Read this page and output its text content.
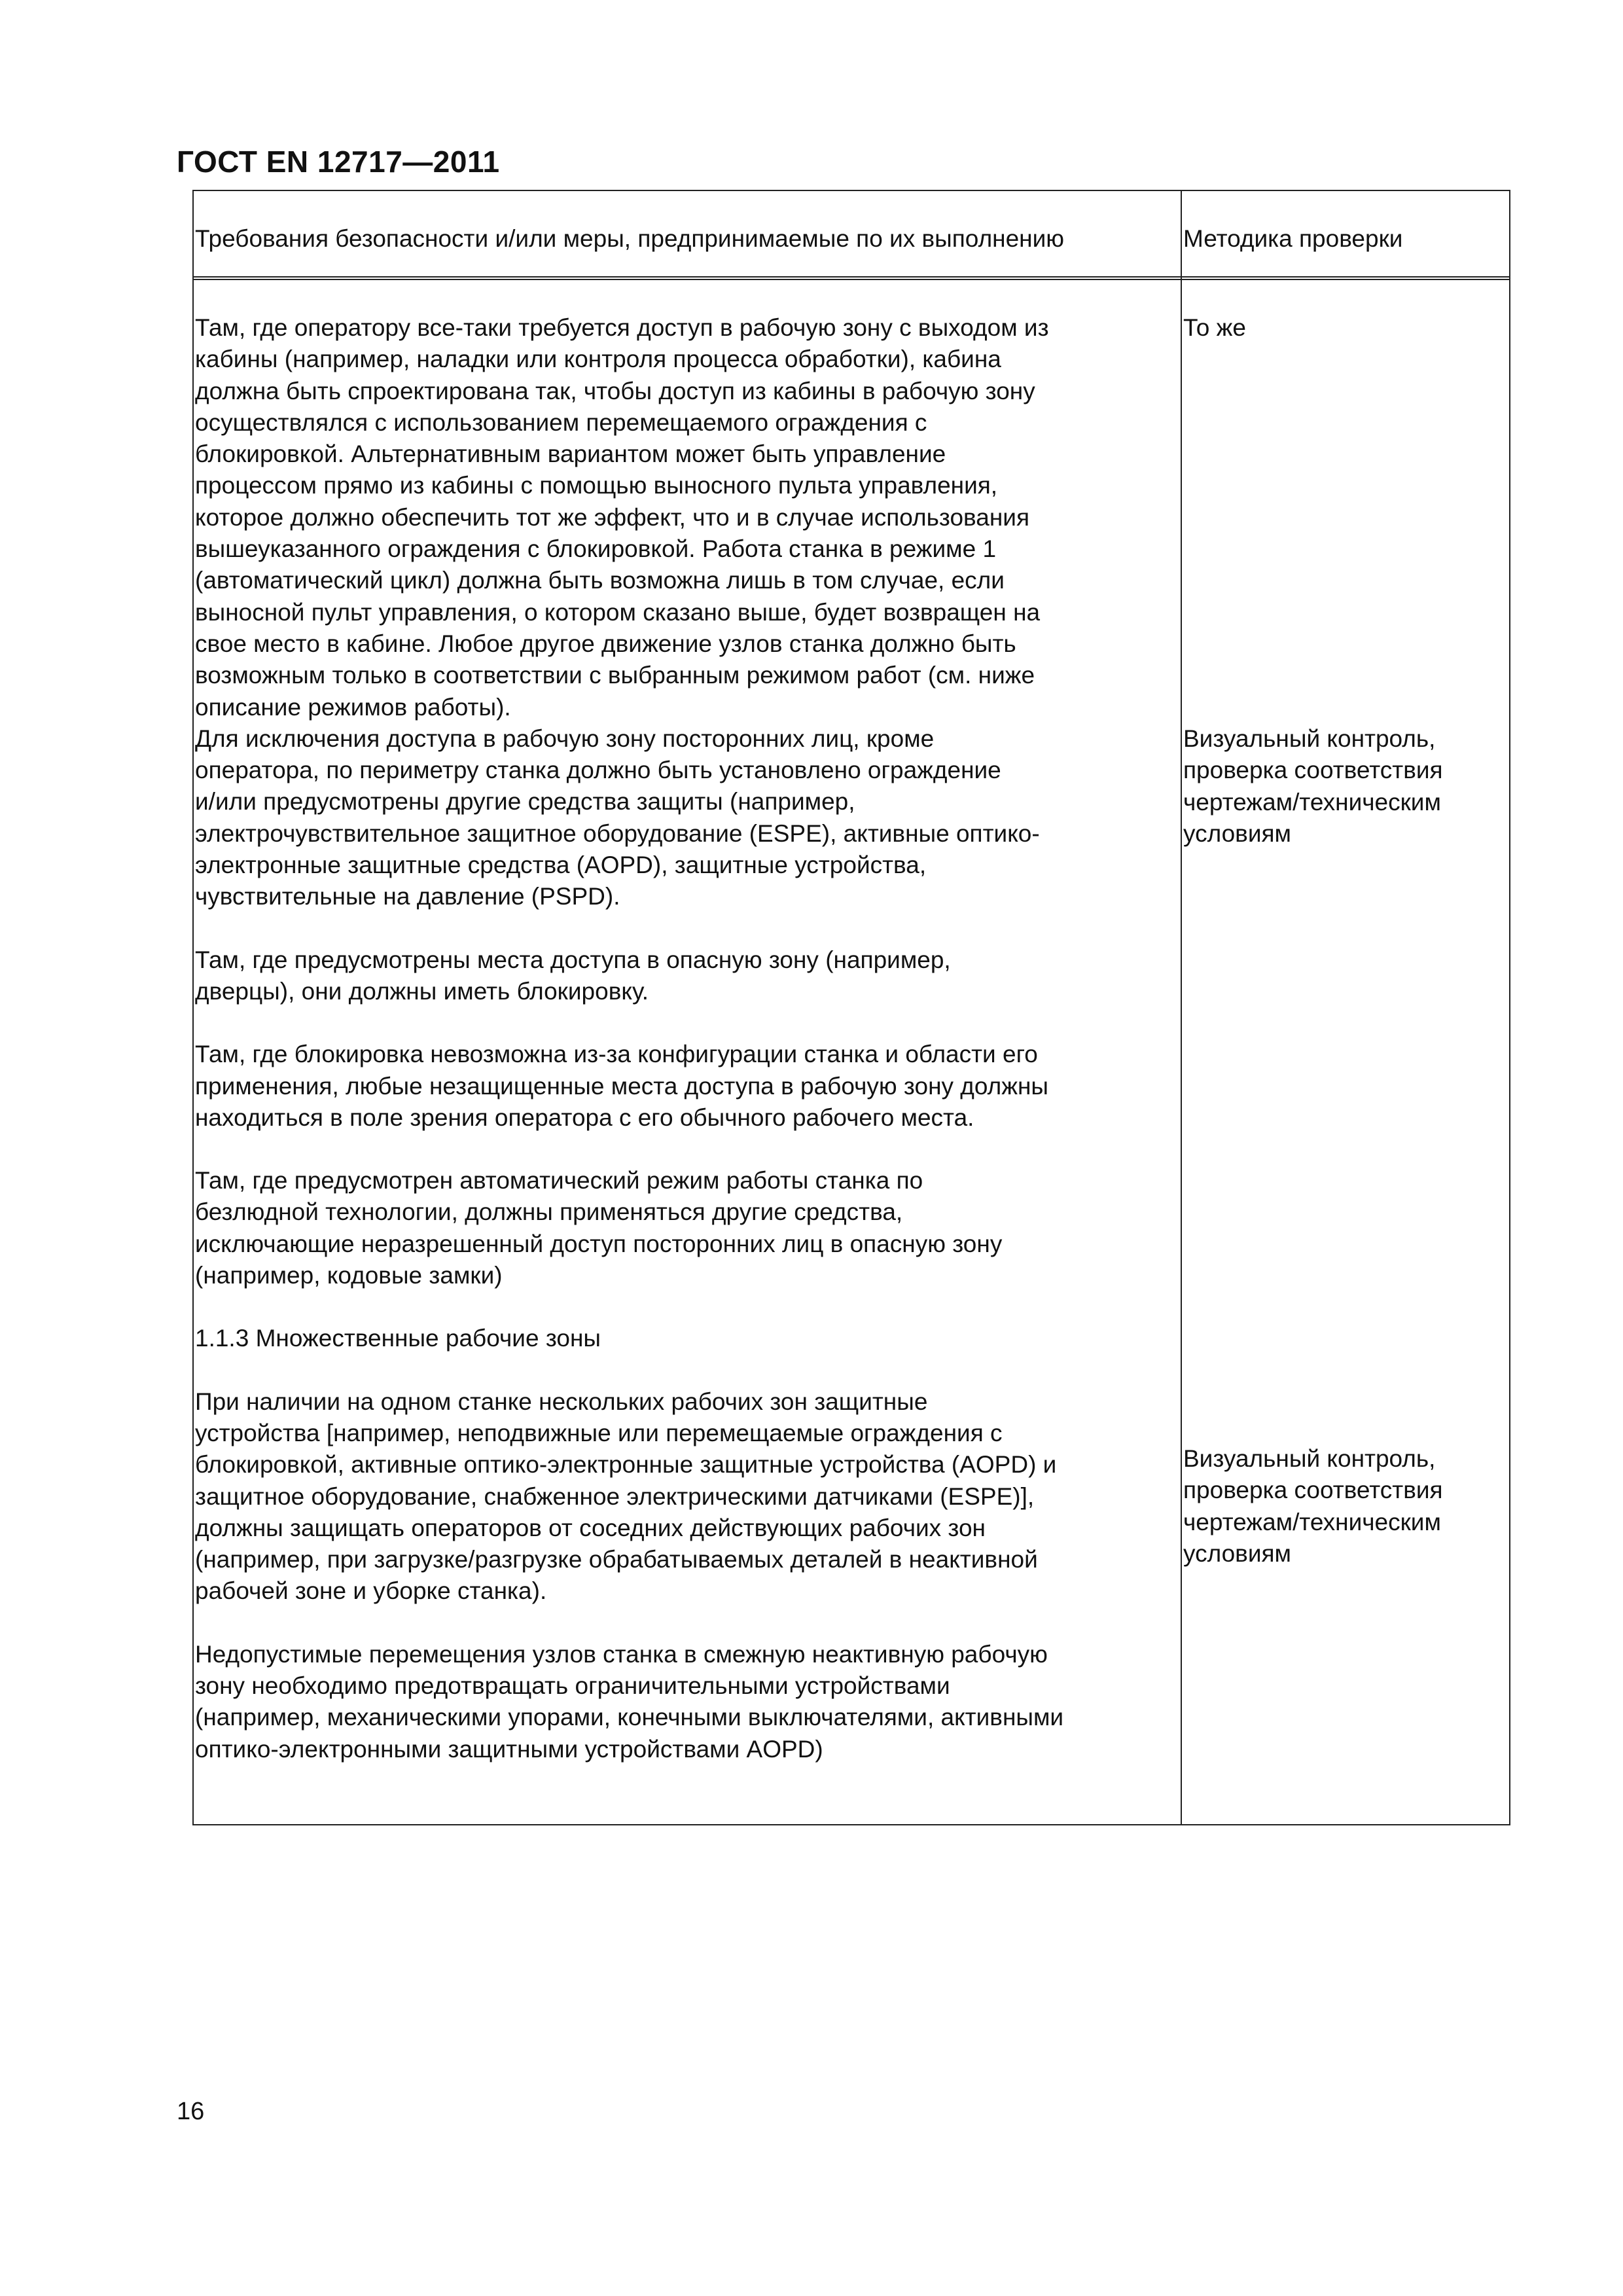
ГОСТ EN 12717—2011
Требования безопасности и/или меры, предпринимаемые по их выполнению	Методика проверки

Там, где оператору все-таки требуется доступ в рабочую зону с выходом из
кабины (например, наладки или контроля процесса обработки), кабина
должна быть спроектирована так, чтобы доступ из кабины в рабочую зону
осуществлялся с использованием перемещаемого ограждения с
блокировкой. Альтернативным вариантом может быть управление
процессом прямо из кабины с помощью выносного пульта управления,
которое должно обеспечить тот же эффект, что и в случае использования
вышеуказанного ограждения с блокировкой. Работа станка в режиме 1
(автоматический цикл) должна быть возможна лишь в том случае, если
выносной пульт управления, о котором сказано выше, будет возвращен на
свое место в кабине. Любое другое движение узлов станка должно быть
возможным только в соответствии с выбранным режимом работ (см. ниже
описание режимов работы).

Для исключения доступа в рабочую зону посторонних лиц, кроме
оператора, по периметру станка должно быть установлено ограждение
и/или предусмотрены другие средства защиты (например,
электрочувствительное защитное оборудование (ESPE), активные оптико-
электронные защитные средства (AOPD), защитные устройства,
чувствительные на давление (PSPD).

Там, где предусмотрены места доступа в опасную зону (например,
дверцы), они должны иметь блокировку.

Там, где блокировка невозможна из-за конфигурации станка и области его
применения, любые незащищенные места доступа в рабочую зону должны
находиться в поле зрения оператора с его обычного рабочего места.

Там, где предусмотрен автоматический режим работы станка по
безлюдной технологии, должны применяться другие средства,
исключающие неразрешенный доступ посторонних лиц в опасную зону
(например, кодовые замки)

1.1.3 Множественные рабочие зоны

При наличии на одном станке нескольких рабочих зон защитные
устройства [например, неподвижные или перемещаемые ограждения с
блокировкой, активные оптико-электронные защитные устройства (AOPD) и
защитное оборудование, снабженное электрическими датчиками (ESPE)],
должны защищать операторов от соседних действующих рабочих зон
(например, при загрузке/разгрузке обрабатываемых деталей в неактивной
рабочей зоне и уборке станка).

Недопустимые перемещения узлов станка в смежную неактивную рабочую
зону необходимо предотвращать ограничительными устройствами
(например, механическими упорами, конечными выключателями, активными
оптико-электронными защитными устройствами AOPD)

То же

Визуальный контроль,
проверка соответствия
чертежам/техническим
условиям

Визуальный контроль,
проверка соответствия
чертежам/техническим
условиям

16
